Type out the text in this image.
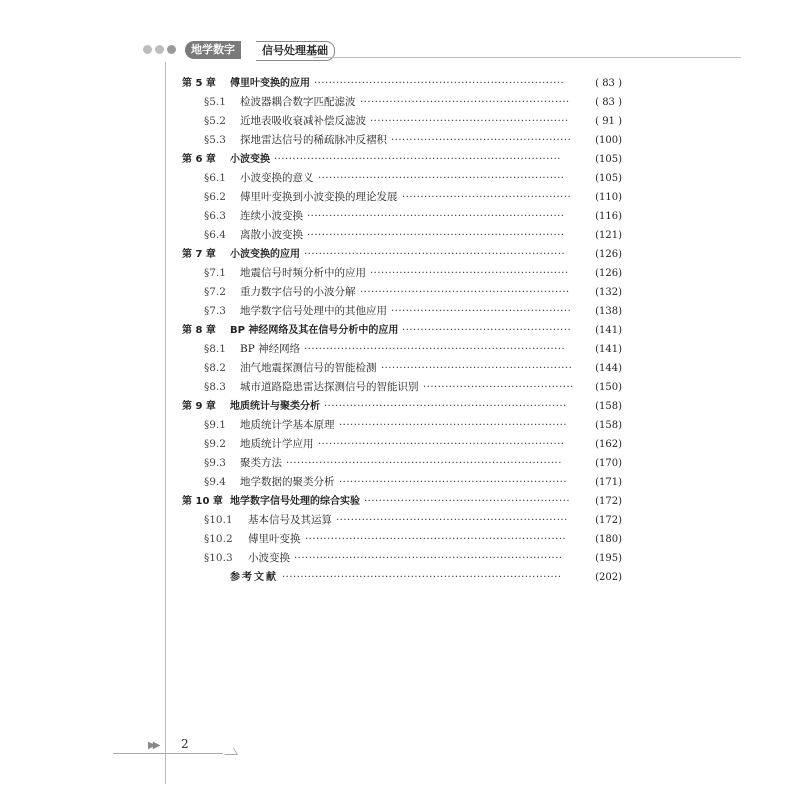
地学数字	信号处理基础
第 5 章 傅里叶变换的应用 ····································································	( 83 )
§5.1 检波器耦合数字匹配滤波 ·························································	( 83 )
§5.2 近地表吸收衰减补偿反滤波 ······················································	( 91 )
§5.3 探地雷达信号的稀疏脉冲反褶积 ·················································	(100)
第 6 章 小波变换 ··············································································	(105)
§6.1 小波变换的意义 ···································································	(105)
§6.2 傅里叶变换到小波变换的理论发展 ··············································	(110)
§6.3 连续小波变换 ······································································	(116)
§6.4 离散小波变换 ······································································	(121)
第 7 章 小波变换的应用 ·······································································	(126)
§7.1 地震信号时频分析中的应用 ······················································	(126)
§7.2 重力数字信号的小波分解 ·························································	(132)
§7.3 地学数字信号处理中的其他应用 ·················································	(138)
第 8 章 BP 神经网络及其在信号分析中的应用 ··············································	(141)
§8.1 BP 神经网络 ·······································································	(141)
§8.2 油气地震探测信号的智能检测 ····················································	(144)
§8.3 城市道路隐患雷达探测信号的智能识别 ·········································	(150)
第 9 章 地质统计与聚类分析 ··································································	(158)
§9.1 地质统计学基本原理 ······························································	(158)
§9.2 地质统计学应用 ···································································	(162)
§9.3 聚类方法 ···········································································	(170)
§9.4 地学数据的聚类分析 ······························································	(171)
第 10 章 地学数字信号处理的综合实验 ························································	(172)
§10.1 基本信号及其运算 ·······························································	(172)
§10.2 傅里叶变换 ·······································································	(180)
§10.3 小波变换 ·········································································	(195)
参考文献 ············································································	(202)
▶▶ 2
